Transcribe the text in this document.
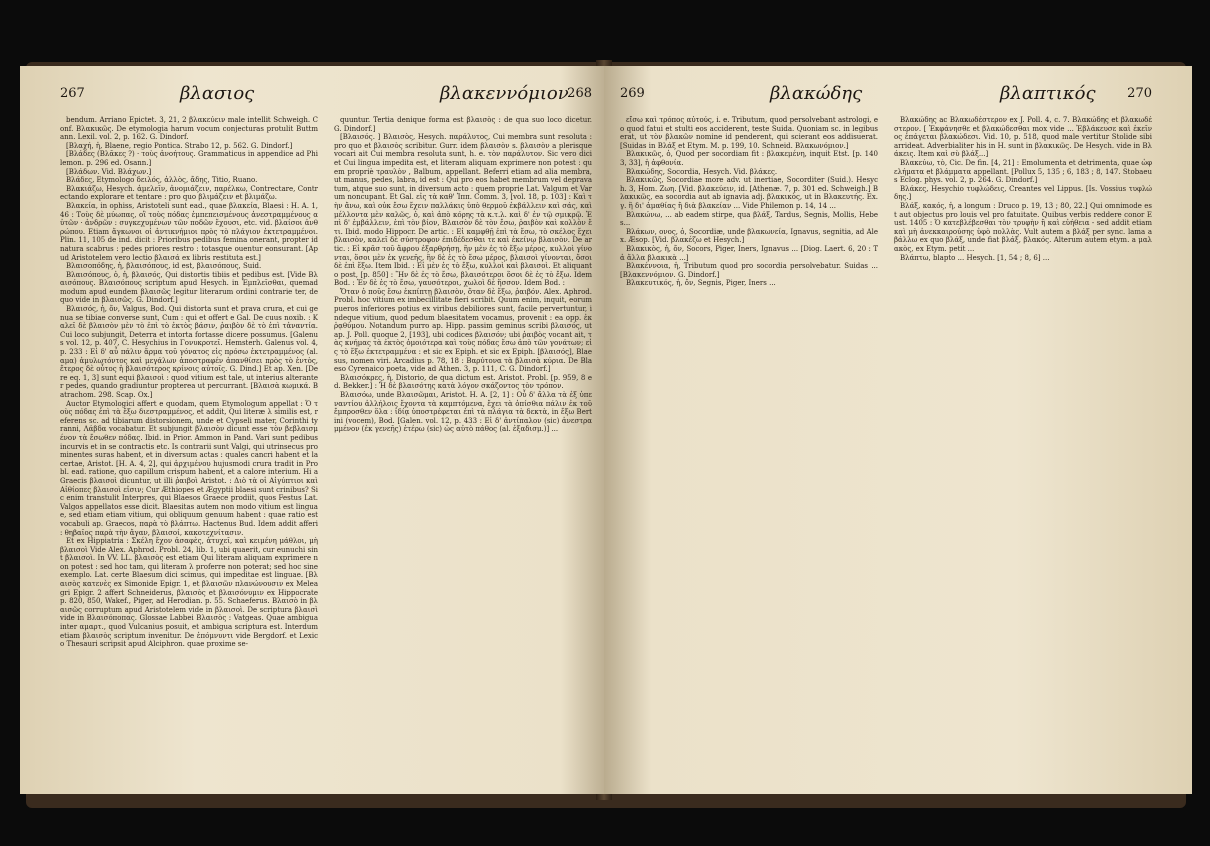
267	βλασιος	βλακεννόμιον
268

bendum. Arriano Epictet. 3, 21, 2 βλακεύειν male intellit Schweigh. Conf. Βλακικῶς. De etymologia harum vocum conjecturas protulit Buttmann. Lexil. vol. 2, p. 162. G. Dindorf.

[Βλαχή, ἡ, Blaene, regio Pontica. Strabo 12, p. 562. G. Dindorf.]

[Βλάδες (Βλᾶκες ?) · τοὺς ἀνοήτους. Grammaticus in appendice ad Philemon. p. 296 ed. Osann.]

[Βλάδων. Vid. Βλάχων.]

Βλάδες, Etymologo δειλός, ἀλλὸς, ἄδης, Titio, Ruano.

Βλακιάζω, Hesych. ἀμελεῖν, ἀνομιάζειν, παρέλκω, Contrectare, Contrectando explorare et tentare : pro quo βλιμάζειν et βλιμάζω.

Βλακεία, in ophiss, Aristoteli sunt ead., quae βλακεία, Blaesi : H. A. 1, 46 : Τοὺς δὲ μύωπας, οἳ τοὺς πόδας ἐμπεπεισμένους ἀνεστραμμένους αὐτῶν · ἀνδρῶν : συγκεχυμένων τῶν ποδῶν ἔχουσι, etc. vid. βλαίσοι ἀνθρώπου. Etiam ἄγκωνοι οἱ ἀντικνήμιοι πρὸς τὸ πλάγιον ἐκτετραμμένοι. Plin. 11, 105 de ind. dicit : Prioribus pedibus femina onerant, propter id natura scabrus : pedes priores restro : totasque ouentur eonsurant. [Apud Aristotelem vero lectio βλαισά ex libris restituta est.]

Βλαισοπόδης, ἡ, βλαισόπους, id est, βλαισόπους, Suid.

Βλαισόπους, ὁ, ἡ, βλαισός, Qui distortis tibiis et pedibus est. [Vide Βλαισόπους. Βλαισόπους scriptum apud Hesych. in Ἐμπλεῖσθαι, quemadmodum apud eundem βλαισῶς legitur literarum ordini contrarie ter, de quo vide in βλαισῶς. G. Dindorf.]

Βλαισός, ἡ, ὄν, Valgus, Bod. Qui distorta sunt et prava crura, et cui genua se tibiae converse sunt, Cum : qui et offert e Gal. De cuus noxib. : Καλεῖ δὲ βλαισὸν μὲν τὸ ἐπὶ τὸ ἐκτὸς βάσιν, ῥαιβὸν δὲ τὸ ἐπὶ τἀναντία. Cui loco subjungit, Deterra et intorta fortasse dicere possumus. [Galenus vol. 12, p. 407, C. Hesychius in Γονυκροτεῖ. Hemsterh. Galenus vol. 4, p. 233 : Εἰ δ' αὖ πάλιν ἄρμα τοῦ γόνατος εἰς πρόσω ἐκτετραμμένος (al. αμα) ἀμυλωτόντος καὶ μεγάλων ἀποστραφέν ἀπανθίσει πρὸς τὸ ἐντὸς, ἕτερος δὲ οὗτος ἡ βλαισότερος κρίνοις αὐτοῖς. G. Dind.] Et ap. Xen. [De re eq. 1, 3] sunt equi βλαισοὶ : quod vitium est tale, ut interius alteranter pedes, quando gradiuntur propterea ut percurrant. [Βλαισὰ κωμικά. Batrachom. 298. Scap. Ox.]

Auctor Etymologici affert e quodam, quem Etymologum appellat : Ὁ τοὺς πόδας ἐπὶ τὰ ἔξω διεστραμμένος, et addit, Qui literæ λ similis est, referens sc. ad tibiarum distorsionem, unde et Cypseli mater, Corinthi tyranni, Λάβδα vocabatur. Et subjungit βλαισὸν dicunt esse τὸν βεβλαισμένον τὰ ἔσωθεν πόδας. Ibid. in Prior. Ammon in Pand. Vari sunt pedibus incurvis et in se contractis etc. Is contrarii sunt Valgi, qui utrinsecus prominentes suras habent, et in diversum actas : quales cancri habent et lacertae, Aristot. [H. A. 4, 2], qui ἀρχιμένου hujusmodi crura tradit in Probl. ead. ratione, quo capillum crispum habent, et a calore interium. Hi a Graecis βλαισοὶ dicuntur, ut illi ῥαιβοὶ Aristot. : Διὸ τὰ οἱ Αἰγύπτιοι καὶ Αἰθίοπες βλαισοὶ εἰσιν; Cur Æthiopes et Ægyptii blaesi sunt crinibus? Sic enim transtulit Interpres, qui Blaesos Graece prodiit, quos Festus Lat. Valgos appellatos esse dicit. Blaesitas autem non modo vitium est linguae, sed etiam etiam vitium, qui obliquum genuum habent : quae ratio est vocabuli ap. Graecos, παρὰ τὸ βλάπτω. Hactenus Bud. Idem addit afferi : θηβαῖος παρὰ τὴν ἄγαν, βλαισοί, κακοτεχνίτασιν.

Et ex Hippiatria : Σκέλη ἔχον ἀσαφὲς, ἀτυχεῖ, καὶ κειμένη μάθλοι, μὴ βλαισοὶ Vide Alex. Aphrod. Probl. 24, lib. 1, ubi quaerit, cur eunuchi sint βλαισοὶ. In VV. LL. βλαισὸς est etiam Qui literam aliquam exprimere non potest : sed hoc tam, qui literam λ proferre non poterat; sed hoc sine exemplo. Lat. certe Blaesum dici scimus, qui impeditae est linguae. [Βλαισὸς κατενὲς ex Simonide Epigr. 1, et βλαισῶν πλανώνουσιν ex Meleagri Epigr. 2 affert Schneiderus, βλαισὸς et βλαισόνυμιν ex Hippocrate p. 820, 850, Wakef., Piger, ad Herodian. p. 55. Schaeferus. Βλαισὸ in βλαισῶς corruptum apud Aristotelem vide in βλαισοὶ. De scriptura βλαισὶ vide in Βλαισόποπας. Glossae Labbei Βλαισὸς : Vatgeas. Quae ambigua inter αμαρτ., quod Vulcanius posuit, et ambigua scriptura est. Interdum etiam βλαισὸς scriptum invenitur. De ἐπόμνυντι vide Bergdorf. et Lexico Thesauri scripsit apud Alciphron. quae proxime se-

quuntur. Tertia denique forma est βλαισὸς : de qua suo loco dicetur. G. Dindorf.]

[Βλαισός. ] Βλαισὸς, Hesych. παράλυτος, Cui membra sunt resoluta : pro quo et βλαισὸς scribitur. Gurr. idem βλαισὸν s. βλαισὸν a plerisque vocari ait Cui membra resoluta sunt, h. e. τὸν παράλυτον. Sic vero dici et Cui lingua impedita est, et literam aliquam exprimere non potest : quem propriè τραυλὸν , Balbum, appellant. Beferri etiam ad alia membra, ut manus, pedes, labra, id est : Qui pro eos habet membrum vel depravatum, atque suo sunt, in diversum acto : quem proprie Lat. Valgum et Varum noncupant. Et Gal. εἰς τὰ καθ' Ἱππ. Comm. 3, [vol. 18, p. 103] : Καὶ τὴν ἄνω, καὶ οὐκ ἔσω ἔχειν παλλάκις ὑπὸ θερμοῦ ἐκβάλλειν καὶ σάς, καὶ μέλλοντα μὲν καλῶς, ὁ, καὶ ἀπὸ κόρης τὰ κ.τ.λ. καὶ δ' ἐν τῷ σμικρῷ. Ἐπὶ δ' ἐμβάλλειν, ἐπὶ τὸν βίον, Βλαισὸν δὲ τὸν ἔσω, ῥαιβὸν καὶ κολλὸν ἔτι. Ibid. modo Hippocr. De artic. : Εἰ καμφθῇ ἐπὶ τὰ ἔσω, τὸ σκέλος ἔχει βλαισὸν, καλεῖ δὲ σύστροφον ἐπιδέδεσθαι τε καὶ ἐκείνῳ βλαισὸν. De artic. : Εἰ κρᾶσ τοῦ ἄφρου ἐξαρθρήσῃ, ἢν μὲν ἐς τὸ ἔξω μέρος, κυλλοὶ γίνονται, ὅσοι μὲν ἐκ γενεῆς, ἢν δὲ ἐς τὸ ἔσω μέρος, βλαισοὶ γίνονται, ὅσοι δὲ ἐπὶ ἔξω. Item Ibid. : Εἰ μὲν ἐς τὸ ἔξω, κυλλοὶ καὶ βλαισοὶ. Et aliquanto post, [p. 850] : Ἢν δὲ ἐς τὸ ἔσω, βλαισότεροι ὅσοι δὲ ἐς τὸ ἔξω. Idem Bod. : Ἐν δὲ ἐς τὸ ἔσω, γαυσότεροι, χωλοὶ δὲ ἥσσον. Idem Bod. :

Ὄταν ὁ ποῦς ἔσω ἐκπίπτῃ βλαισὸν, ὅταν δὲ ἔξω, ῥαιβόν. Alex. Aphrod. Probl. hoc vitium ex imbecillitate fieri scribit. Quum enim, inquit, eorum pueros inferiores potius ex viribus debiliores sunt, facile pervertuntur, indeque vitium, quod pedum blaesitatem vocamus, provenit : ea opp. ἐκ ῥᾳθύμου. Notandum purro ap. Hipp. passim geminus scribi βλαισός, ut ap. J. Poll. quoque 2, [193], ubi codices βλαισόν; ubi ῥαιβὸς vocant ait, τὰς κνήμας τὰ ἐκτὸς ὁμοιότερα καὶ τοὺς πόδας ἔσω ἀπὸ τῶν γονάτων; εἰς τὸ ἔξω ἐκτετραμμένα : et sic ex Epiph. et sic ex Epiph. [βλαισός], Blaesus, nomen viri. Arcadius p. 78, 18 : Βαρύτονα τὰ βλαισὰ κύρια. De Blaeso Cyrenaico poeta, vide ad Athen. 3, p. 111, C. G. Dindorf.]

Βλαισόκρες, ἡ, Distorio, de qua dictum est. Aristot. Probl. [p. 959, 8 ed. Bekker.] : Ἡ δὲ βλαισότης κατὰ λόγον σκάζοντος τὸν τρόπον.

Βλαισόω, unde Βλαισῶμαι, Aristot. H. A. [2, 1] : Οὗ δ' ἄλλα τὰ ἐξ ὑπεναντίου ἀλλήλοις ἔχοντα τὰ καμπτόμενα, ἔχει τὰ ὀπίσθια πάλιν ἐκ τοῦ ἔμπροσθεν ὅλα : ἰδίᾳ ὑποστρέφεται ἐπὶ τὰ πλάγια τὰ δεκτὰ, in ἔξω Bertini (vocem), Bod. [Galen. vol. 12, p. 433 : Εἰ δ' ἀντίπαλον (sic) ἀνεστραμμένον (ἐκ γενεῆς) ἑτέρω (sic) ὡς αὐτὸ πάθος (al. ἐξαδισμ.)] ...

269	βλακώδης	βλαπτικός 270

εἴσω καὶ τρόπος αὐτούς, i. e. Tributum, quod persolvebant astrologi, eo quod fatui et stulti eos acciderent, teste Suida. Quoniam sc. in legibus erat, ut τὸν βλακῶν nomine id penderent, qui scierant eos addisuerat. [Suidas in Βλάξ et Etym. M. p. 199, 10. Schneid. Βλακωνόμιον.]

Βλακικῶς, ὁ, Quod per socordiam fit : βλακεμένη, inquit Etst. [p. 1403, 33], ἡ ἀφθονία.

Βλακώδης, Socordia, Hesych. Vid. βλάκες.

Βλακικῶς, Socordiae more adv. ut inertiae, Socorditer (Suid.). Hesych. 3, Hom. Ζωη. [Vid. βλακεύειν, id. [Athenæ. 7, p. 301 ed. Schweigh.] Βλακικῶς, ea socordia aut ab ignavia adj. βλακικὸς, ut in Βλακευτής. Ex. γ. ἢ δι' ἀμαθίας ἢ διὰ βλακείαν ... Vide Philemon p. 14, 14 ...

Βλακώνω, ... ab eadem stirpe, qua βλάξ, Tardus, Segnis, Mollis, Hebes...

Βλάκων, ονος, ὁ, Socordiæ, unde βλακωνεία, Ignavus, segnitia, ad Alex. Æsop. [Vid. βλακέζω et Hesych.]

Βλακικὸς, ἡ, ὄν, Socors, Piger, Iners, Ignavus ... [Diog. Laert. 6, 20 : Tἀ ἄλλα βλακικὰ ...]

Βλακέννοια, ἡ, Tributum quod pro socordia persolvebatur. Suidas ... [Βλακεννόμιον. G. Dindorf.]

Βλακευτικός, ἡ, ὄν, Segnis, Piger, Iners ...

Βλακώδης ac Βλακωδέστερον ex J. Poll. 4, c. 7. Βλακώδης et βλακωδέστερον. [ Ἐκφάνησθε et βλακώδεσθαι mox vide ... Ἐβλάκευσε καὶ ἐκεῖνος ἐπάγεται βλακώδεσι. Vid. 10, p. 518, quod male vertitur Stolide sibi arrideat. Adverbialiter his in H. sunt in βλακικῶς. De Hesych. vide in Βλάκεις. Item καὶ σὺ βλάξ...]

Βλακεύω, τὸ, Cic. De fin. [4, 21] : Emolumenta et detrimenta, quae ὠφελήματα et βλάμματα appellant. [Pollux 5, 135 ; 6, 183 ; 8, 147. Stobaeus Eclog. phys. vol. 2, p. 264. G. Dindorf.]

Βλάκες, Hesychio τυφλώδεις, Creantes vel Lippus. [Is. Vossius τυφλώδης.]

Βλάξ, κακός, ἡ, a longum : Druco p. 19, 13 ; 80, 22.] Qui omnimode est aut objectus pro louis vel pro fatuitate. Quibus verbis reddere conor Eust. 1405 : Ὁ κατεβλέβεσθαι τὸν τρυφὴν ἢ καὶ εὐήθεια - sed addit etiam καὶ μὴ ἀνεκκαιρούσης ὑφὸ πολλὰς. Vult autem a βλάξ per sync. lama a βάλλω ex quo βλάξ, unde fiat βλάξ, βλακός. Alterum autem etym. a μαλακὸς, ex Etym. petit ...

Βλάπτω, blapto ... Hesych. [1, 54 ; 8, 6] ...
